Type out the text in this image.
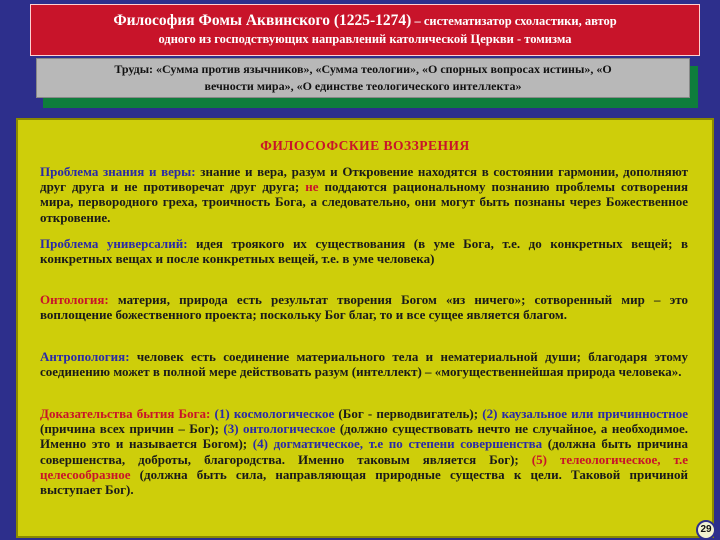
Философия Фомы Аквинского (1225-1274) – систематизатор схоластики, автор
одного из господствующих направлений католической Церкви - томизма
Труды: «Сумма против язычников», «Сумма теологии», «О спорных вопросах истины», «О
вечности мира», «О единстве теологического интеллекта»
ФИЛОСОФСКИЕ ВОЗЗРЕНИЯ
Проблема знания и веры: знание и вера, разум и Откровение находятся в состоянии гармонии, дополняют друг друга и не противоречат друг друга; не поддаются рациональному познанию проблемы сотворения мира, первородного греха, троичность Бога, а следовательно, они могут быть познаны через Божественное откровение.
Проблема универсалий: идея троякого их существования (в уме Бога, т.е. до конкретных вещей; в конкретных вещах и после конкретных вещей, т.е. в уме человека)
Онтология: материя, природа есть результат творения Богом «из ничего»; сотворенный мир – это воплощение божественного проекта; поскольку Бог благ, то и все сущее является благом.
Антропология: человек есть соединение материального тела и нематериальной души; благодаря этому соединению может в полной мере действовать разум (интеллект) – «могущественнейшая природа человека».
Доказательства бытия Бога: (1) космологическое (Бог - перводвигатель); (2) каузальное или причинностное (причина всех причин – Бог); (3) онтологическое (должно существовать нечто не случайное, а необходимое. Именно это и называется Богом); (4) догматическое, т.е по степени совершенства (должна быть причина совершенства, доброты, благородства. Именно таковым является Бог); (5) телеологическое, т.е целесообразное (должна быть сила, направляющая природные существа к цели. Таковой причиной выступает Бог).
29
